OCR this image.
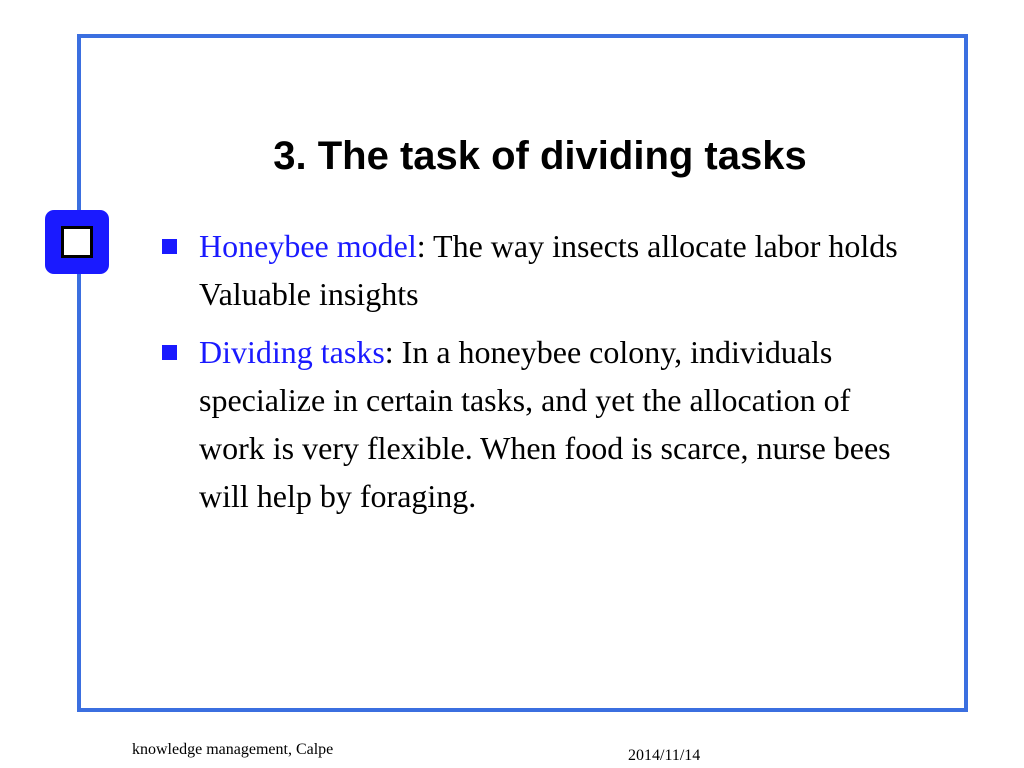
3. The task of dividing tasks
Honeybee model: The way insects allocate labor holds Valuable insights
Dividing tasks: In a honeybee colony, individuals specialize in certain tasks, and yet the allocation of work is very flexible. When food is scarce, nurse bees will help by foraging.
knowledge management, Calpe	2014/11/14
